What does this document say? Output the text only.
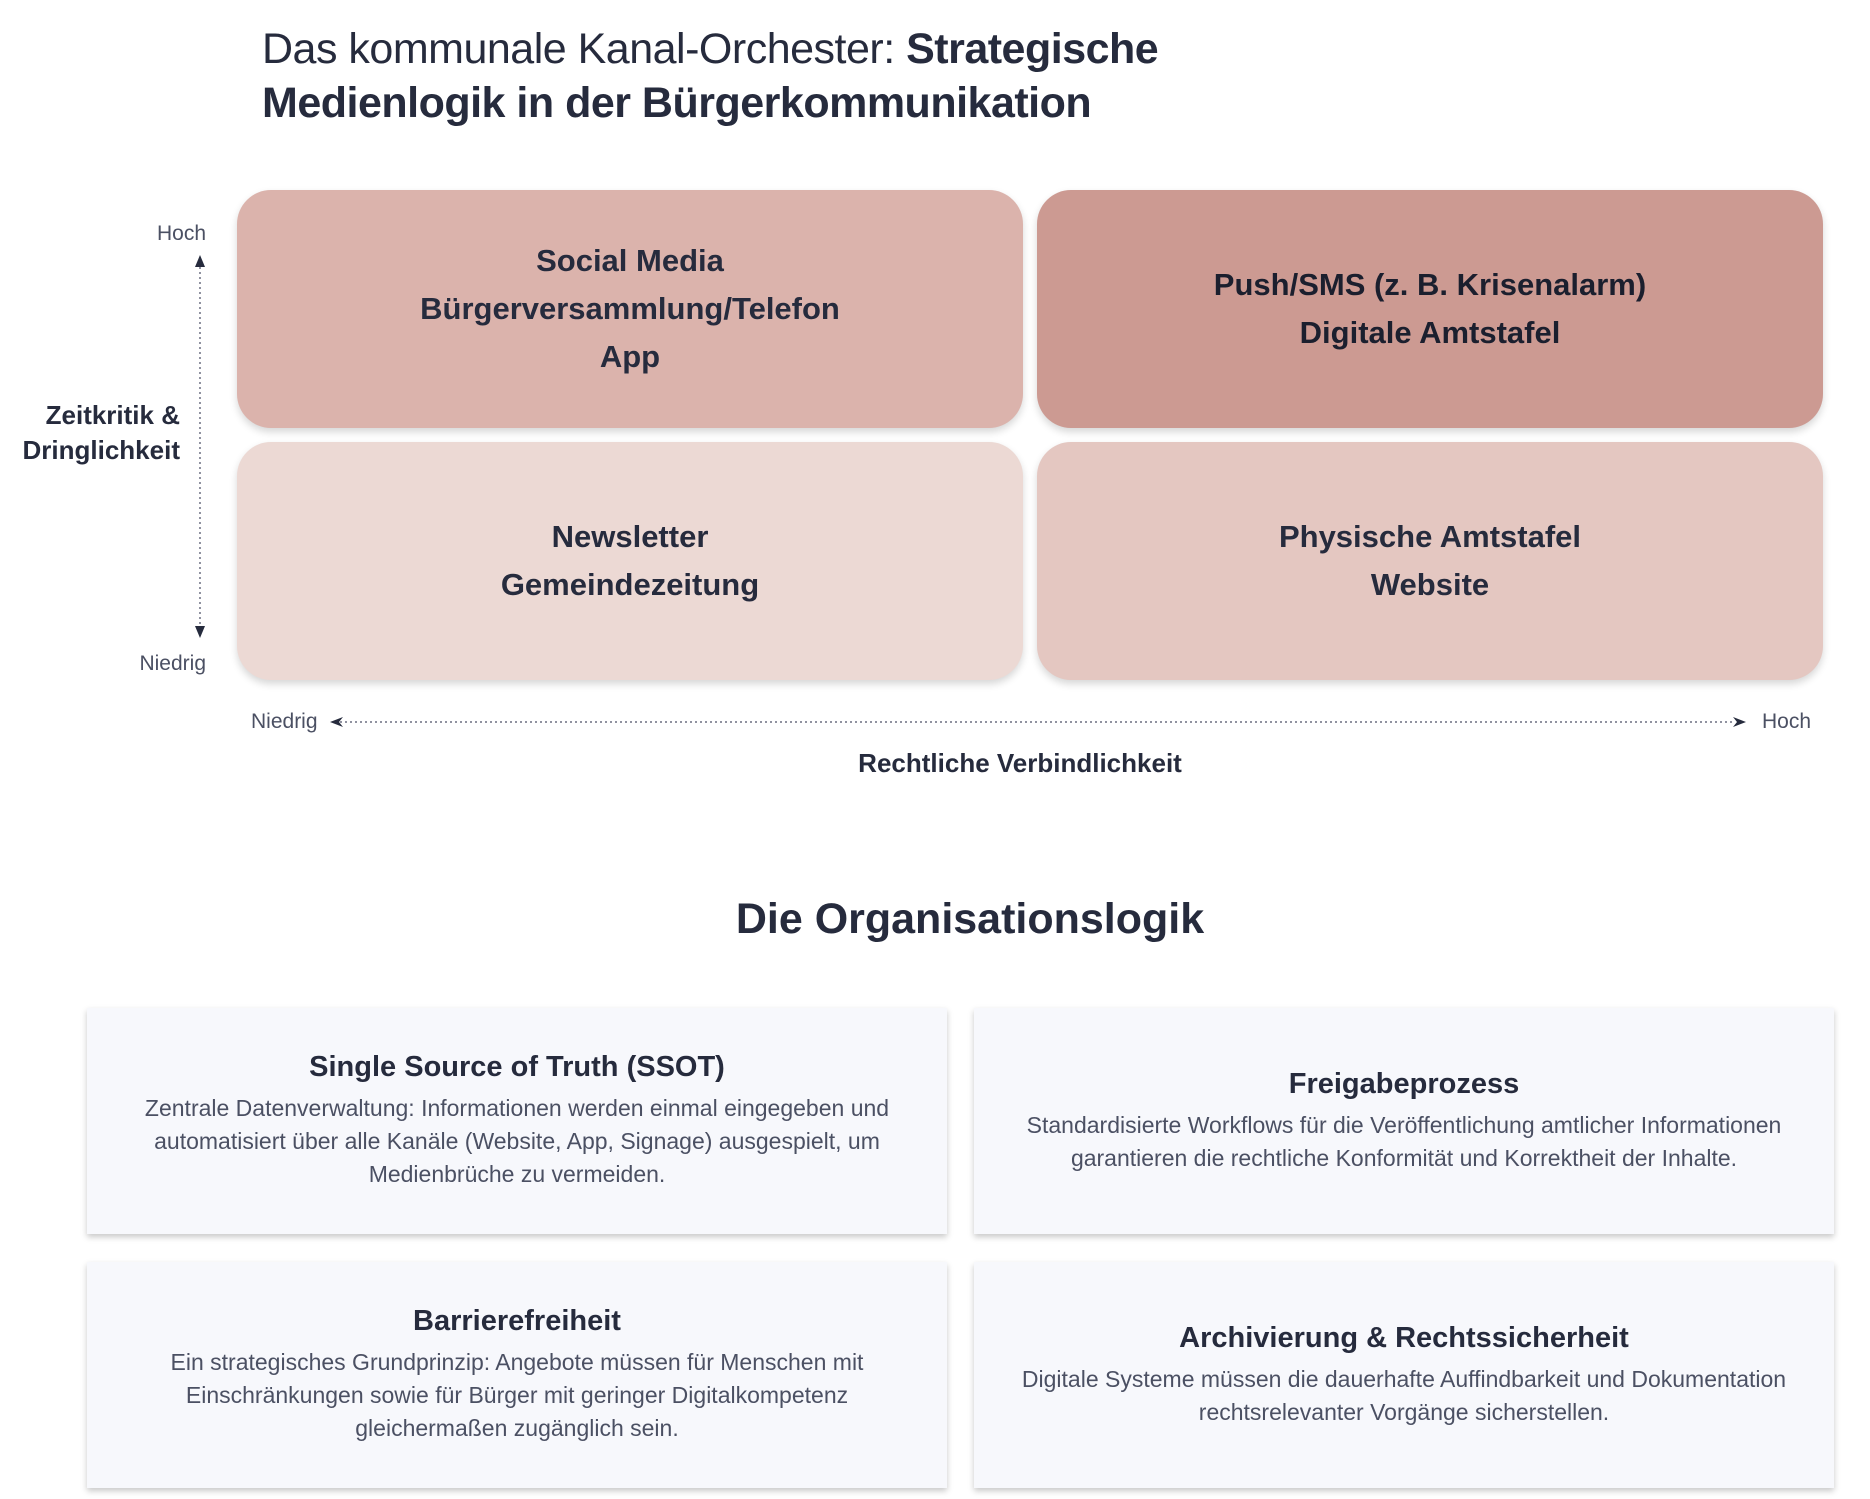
Das kommunale Kanal-Orchester: Strategische Medienlogik in der Bürgerkommunikation
Zeitkritik & Dringlichkeit
Hoch
Niedrig
Niedrig	Hoch
Rechtliche Verbindlichkeit
Social Media
Bürgerversammlung/Telefon
App
Push/SMS (z. B. Krisenalarm)
Digitale Amtstafel
Newsletter
Gemeindezeitung
Physische Amtstafel
Website
Die Organisationslogik
Single Source of Truth (SSOT)
Zentrale Datenverwaltung: Informationen werden einmal eingegeben und automatisiert über alle Kanäle (Website, App, Signage) ausgespielt, um Medienbrüche zu vermeiden.
Freigabeprozess
Standardisierte Workflows für die Veröffentlichung amtlicher Informationen garantieren die rechtliche Konformität und Korrektheit der Inhalte.
Barrierefreiheit
Ein strategisches Grundprinzip: Angebote müssen für Menschen mit Einschränkungen sowie für Bürger mit geringer Digitalkompetenz gleichermaßen zugänglich sein.
Archivierung & Rechtssicherheit
Digitale Systeme müssen die dauerhafte Auffindbarkeit und Dokumentation rechtsrelevanter Vorgänge sicherstellen.
